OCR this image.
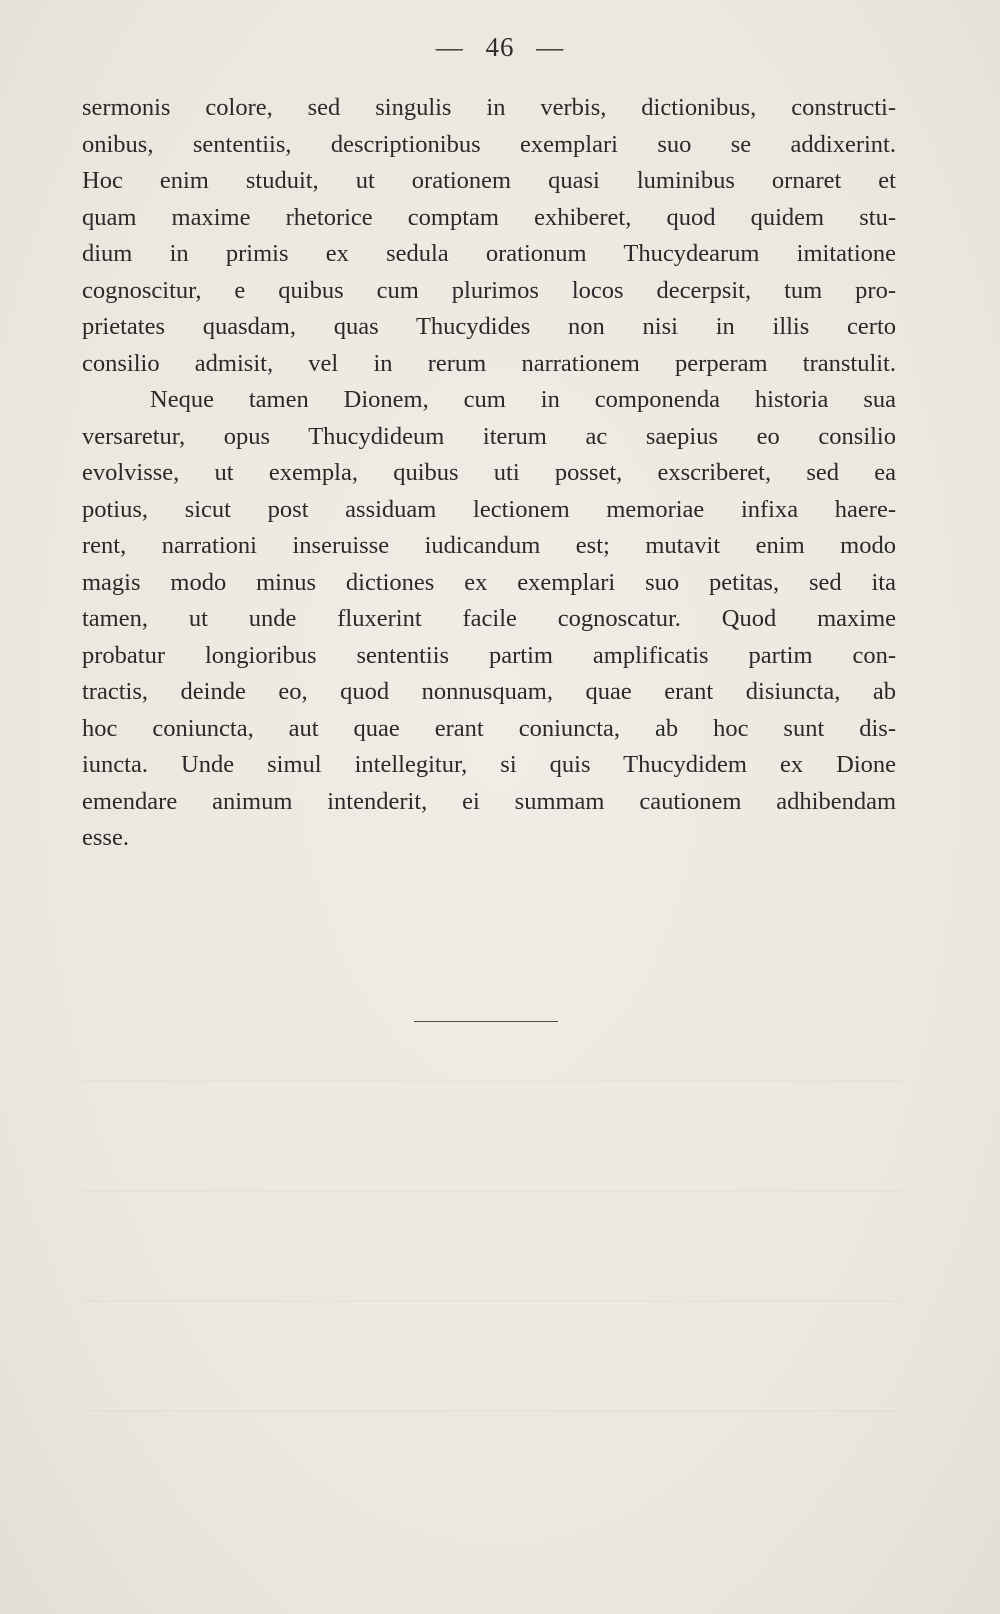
— 46 —
sermonis colore, sed singulis in verbis, dictionibus, constructi-
onibus, sententiis, descriptionibus exemplari suo se addixerint.
Hoc enim studuit, ut orationem quasi luminibus ornaret et
quam maxime rhetorice comptam exhiberet, quod quidem stu-
dium in primis ex sedula orationum Thucydearum imitatione
cognoscitur, e quibus cum plurimos locos decerpsit, tum pro-
prietates quasdam, quas Thucydides non nisi in illis certo
consilio admisit, vel in rerum narrationem perperam transtulit.
Neque tamen Dionem, cum in componenda historia sua
versaretur, opus Thucydideum iterum ac saepius eo consilio
evolvisse, ut exempla, quibus uti posset, exscriberet, sed ea
potius, sicut post assiduam lectionem memoriae infixa haere-
rent, narrationi inseruisse iudicandum est; mutavit enim modo
magis modo minus dictiones ex exemplari suo petitas, sed ita
tamen, ut unde fluxerint facile cognoscatur. Quod maxime
probatur longioribus sententiis partim amplificatis partim con-
tractis, deinde eo, quod nonnusquam, quae erant disiuncta, ab
hoc coniuncta, aut quae erant coniuncta, ab hoc sunt dis-
iuncta. Unde simul intellegitur, si quis Thucydidem ex Dione
emendare animum intenderit, ei summam cautionem adhibendam
esse.
